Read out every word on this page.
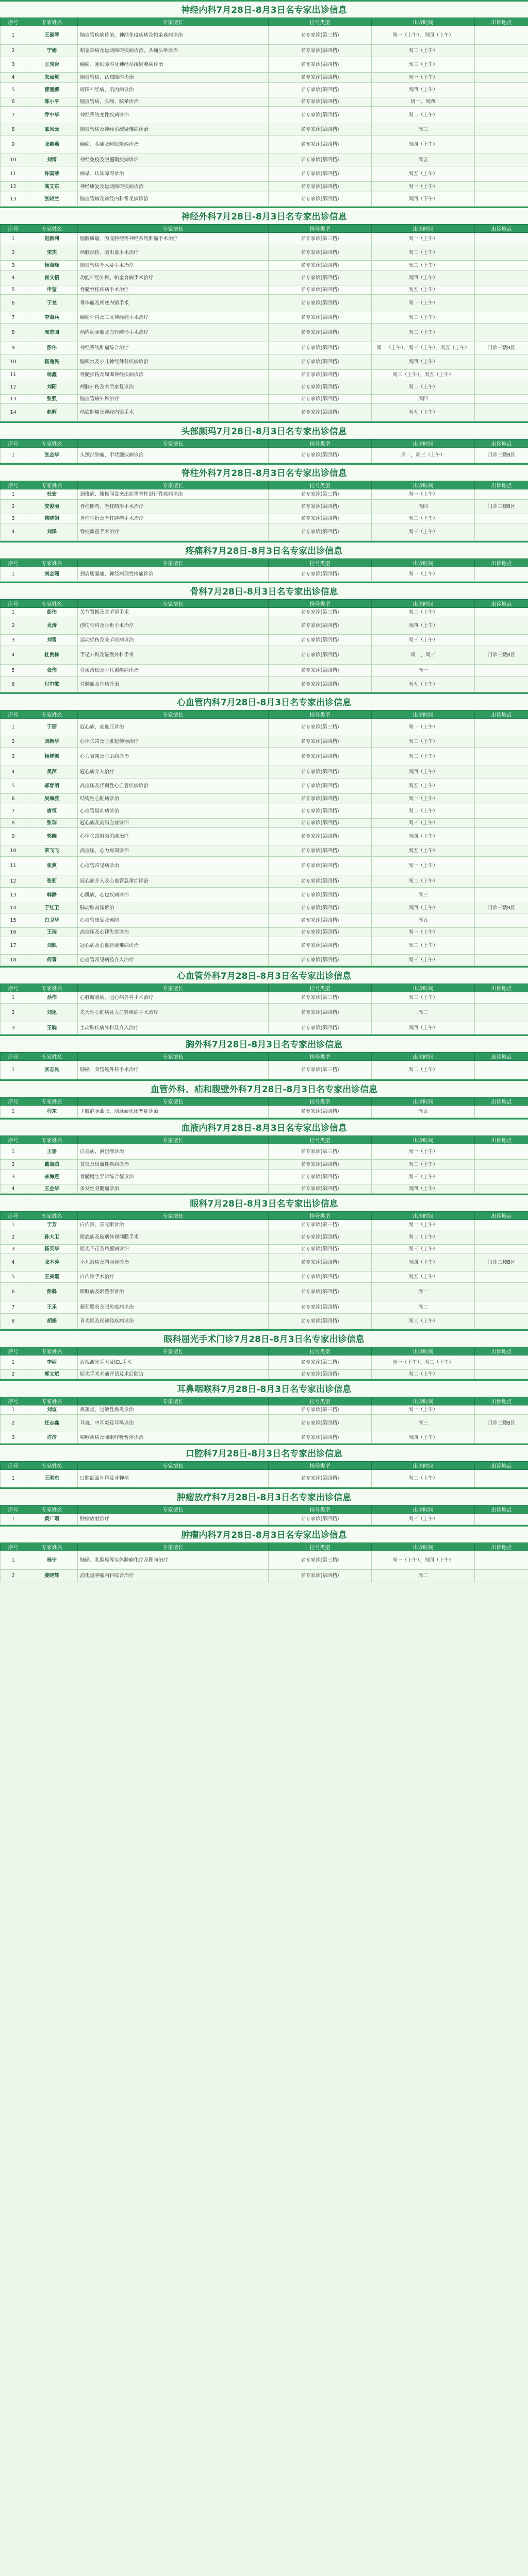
神经内科7月28日-8月3日名专家出诊信息
序号	专家姓名	专家擅长	挂号类型	出诊时间	出诊地点
1	王淑琴	脑血管疾病诊治，神经免疫疾病及帕金森病诊治	名专家诊(第三档)	周一（上午），周四（上午）	
2	宁娟	帕金森病及运动障碍疾病诊治，头痛头晕诊治	名专家诊(第四档)	周二（上午）	
3	王秀岩	癫痫、睡眠障碍及神经系统疑难病诊治	名专家诊(第四档)	周三（上午）	
4	朱丽筑	脑血管病、认知障碍诊治	名专家诊(第四档)	周一（上午）	
5	曹丽娜	周围神经病、肌肉病诊治	名专家诊(第四档)	周四（上午）	
6	陈小平	脑血管病、头痛、眩晕诊治	名专家诊(第四档)	周一、周四	
7	乔中华	神经系统变性疾病诊治	名专家诊(第四档)	周二（上午）	
8	邵凤云	脑血管病及神经系统疑难病诊治	名专家诊(第四档)	周三	
9	张惠燕	癫痫、头痛及睡眠障碍诊治	名专家诊(第四档)	周四（上午）	
10	刘博	神经免疫及脱髓鞘疾病诊治	名专家诊(第四档)	周五	
11	许国荣	痴呆、认知障碍诊治	名专家诊(第四档)	周五（上午）	
12	高艾东	神经康复及运动障碍疾病诊治	名专家诊(第四档)	周一（上午）	
13	张晓兰	脑血管病及神经内科常见病诊治	名专家诊(第四档)	周四（下午）	
神经外科7月28日-8月3日名专家出诊信息
序号	专家姓名	专家擅长	挂号类型	出诊时间	出诊地点
1	赵新利	脑胶质瘤、颅底肿瘤等神经系统肿瘤手术治疗	名专家诊(第三档)	周一（上午）	
2	宋杰	颅脑损伤、脑出血手术治疗	名专家诊(第四档)	周二（上午）	
3	杨海峰	脑血管病介入及手术治疗	名专家诊(第四档)	周三（上午）	
4	肖文韬	功能神经外科、帕金森病手术治疗	名专家诊(第四档)	周四（上午）	
5	申莹	脊髓脊柱疾病手术治疗	名专家诊(第四档)	周五（上午）	
6	于龙	垂体瘤及颅底内镜手术	名专家诊(第四档)	周一（上午）	
7	李海兵	癫痫外科及三叉神经痛手术治疗	名专家诊(第四档)	周二（上午）	
8	周志国	颅内动脉瘤及血管畸形手术治疗	名专家诊(第四档)	周三（上午）	
9	彭伟	神经系统肿瘤综合治疗	名专家诊(第四档)	周一（上午），周三（上午），周五（上午）	门诊三楼B区
10	杨逸民	脑积水及小儿神经外科疾病诊治	名专家诊(第四档)	周四（上午）	
11	杨鑫	脊髓损伤及周围神经疾病诊治	名专家诊(第四档)	周三（上午），周五（上午）	
12	刘阳	颅脑外伤及术后康复诊治	名专家诊(第四档)	周二（上午）	
13	张强	脑血管病外科治疗	名专家诊(第四档)	周四	
14	赵辉	颅底肿瘤及神经内镜手术	名专家诊(第四档)	周五（上午）	
头部颜玛7月28日-8月3日名专家出诊信息
序号	专家姓名	专家擅长	挂号类型	出诊时间	出诊地点
1	张金华	头颈部肿瘤、甲状腺疾病诊治	名专家诊(第四档)	周一，周三（上午）	门诊三楼B区
脊柱外科7月28日-8月3日名专家出诊信息
序号	专家姓名	专家擅长	挂号类型	出诊时间	出诊地点
1	杜宏	颈椎病、腰椎间盘突出症等脊柱退行性疾病诊治	名专家诊(第三档)	周一（上午）	
2	安俊丽	脊柱侧弯、脊柱畸形手术治疗	名专家诊(第四档)	周四	门诊三楼B区
3	韩晓娟	脊柱骨折及脊柱肿瘤手术治疗	名专家诊(第四档)	周二（上午）	
4	刘泽	脊柱微创手术治疗	名专家诊(第四档)	周三（上午）	
疼痛科7月28日-8月3日名专家出诊信息
序号	专家姓名	专家擅长	挂号类型	出诊时间	出诊地点
1	刘金珊	颈肩腰腿痛、神经病理性疼痛诊治	名专家诊(第四档)	周一（上午）	
骨科7月28日-8月3日名专家出诊信息
序号	专家姓名	专家擅长	挂号类型	出诊时间	出诊地点
1	彭伟	关节置换及关节镜手术	名专家诊(第三档)	周二（上午）	
2	龙涛	创伤骨科及骨折手术治疗	名专家诊(第四档)	周四（上午）	
3	刘雪	运动损伤及关节疾病诊治	名专家诊(第四档)	周三（上午）	
4	杜贵林	手足外科及显微外科手术	名专家诊(第四档)	周一，周三	门诊三楼B区
5	张伟	骨质疏松及骨代谢疾病诊治	名专家诊(第四档)	周一	
6	付巾敬	骨肿瘤及骨病诊治	名专家诊(第四档)	周五（上午）	
心血管内科7月28日-8月3日名专家出诊信息
序号	专家姓名	专家擅长	挂号类型	出诊时间	出诊地点
1	于丽	冠心病、高血压诊治	名专家诊(第三档)	周一（上午）	
2	刘新华	心律失常及心脏起搏器治疗	名专家诊(第四档)	周二（上午）	
3	杨婵娜	心力衰竭及心肌病诊治	名专家诊(第四档)	周三（上午）	
4	吴萍	冠心病介入治疗	名专家诊(第四档)	周四（上午）	
5	郝春朗	高血压及代谢性心血管疾病诊治	名专家诊(第四档)	周五（上午）	
6	吴海波	结构性心脏病诊治	名专家诊(第四档)	周一（上午）	
7	唐恒	心血管疑难病诊治	名专家诊(第四档)	周二（上午）	
8	张瑞	冠心病及高脂血症诊治	名专家诊(第四档)	周三（上午）	
9	郭晓	心律失常射频消融治疗	名专家诊(第四档)	周四（上午）	
10	常飞飞	高血压、心力衰竭诊治	名专家诊(第四档)	周五（上午）	
11	张爽	心血管常见病诊治	名专家诊(第四档)	周一（上午）	
12	张莉	冠心病介入及心血管急重症诊治	名专家诊(第四档)	周二（上午）	
13	韩静	心肌病、心包疾病诊治	名专家诊(第四档)	周三	
14	于红卫	肺动脉高压诊治	名专家诊(第四档)	周四（上午）	门诊三楼B区
15	白卫华	心血管康复及预防	名专家诊(第四档)	周五	
16	王瑞	高血压及心律失常诊治	名专家诊(第四档)	周一（上午）	
17	刘凯	冠心病及心血管疑难病诊治	名专家诊(第四档)	周二（上午）	
18	何青	心血管常见病及介入治疗	名专家诊(第四档)	周三（上午）	
心血管外科7月28日-8月3日名专家出诊信息
序号	专家姓名	专家擅长	挂号类型	出诊时间	出诊地点
1	孙伟	心脏瓣膜病、冠心病外科手术治疗	名专家诊(第三档)	周三（上午）	
2	刘旭	先天性心脏病及大血管疾病手术治疗	名专家诊(第四档)	周二	
3	王晓	主动脉疾病外科及介入治疗	名专家诊(第四档)	周四（上午）	
胸外科7月28日-8月3日名专家出诊信息
序号	专家姓名	专家擅长	挂号类型	出诊时间	出诊地点
1	张志民	肺癌、食管癌外科手术治疗	名专家诊(第三档)	周二（上午）	
血管外科、疝和腹壁外科7月28日-8月3日名专家出诊信息
序号	专家姓名	专家擅长	挂号类型	出诊时间	出诊地点
1	程东	下肢静脉曲张、动脉硬化闭塞症诊治	名专家诊(第四档)	周五	
血液内科7月28日-8月3日名专家出诊信息
序号	专家姓名	专家擅长	挂号类型	出诊时间	出诊地点
1	王珊	白血病、淋巴瘤诊治	名专家诊(第三档)	周一（上午）	
2	戴海鸥	贫血及出血性疾病诊治	名专家诊(第四档)	周二（上午）	
3	李海燕	骨髓增生异常综合征诊治	名专家诊(第四档)	周三（上午）	
4	王金华	多发性骨髓瘤诊治	名专家诊(第四档)	周四（上午）	
眼科7月28日-8月3日名专家出诊信息
序号	专家姓名	专家擅长	挂号类型	出诊时间	出诊地点
1	于芳	白内障、青光眼诊治	名专家诊(第三档)	周一（上午）	
2	孙大卫	眼底病及玻璃体视网膜手术	名专家诊(第四档)	周二（上午）	
3	杨英华	屈光不正及角膜病诊治	名专家诊(第四档)	周三（上午）	
4	张本涛	小儿眼病及斜弱视诊治	名专家诊(第四档)	周四（上午）	门诊三楼B区
5	王美霞	白内障手术治疗	名专家诊(第四档)	周五（上午）	
6	彭鹤	眼眶病及眼整形诊治	名专家诊(第四档)	周一	
7	王乐	葡萄膜炎及眼免疫病诊治	名专家诊(第四档)	周二	
8	胡娟	青光眼及视神经疾病诊治	名专家诊(第四档)	周三（上午）	
眼科屈光手术门诊7月28日-8月3日名专家出诊信息
序号	专家姓名	专家擅长	挂号类型	出诊时间	出诊地点
1	李丽	近视激光手术及ICL手术	名专家诊(第三档)	周一（上午），周三（上午）	
2	郭文斌	屈光手术术前评估及术后随访	名专家诊(第四档)	周二（上午）	
耳鼻咽喉科7月28日-8月3日名专家出诊信息
序号	专家姓名	专家擅长	挂号类型	出诊时间	出诊地点
1	刘谊	鼻窦炎、过敏性鼻炎诊治	名专家诊(第三档)	周一（上午）	
2	任志鑫	耳聋、中耳炎及耳鸣诊治	名专家诊(第四档)	周三	门诊三楼B区
3	许洁	咽喉疾病及睡眠呼吸暂停诊治	名专家诊(第四档)	周四（上午）	
口腔科7月28日-8月3日名专家出诊信息
序号	专家姓名	专家擅长	挂号类型	出诊时间	出诊地点
1	王刚东	口腔颌面外科及牙种植	名专家诊(第四档)	周二（上午）	
肿瘤放疗科7月28日-8月3日名专家出诊信息
序号	专家姓名	专家擅长	挂号类型	出诊时间	出诊地点
1	黄广瑞	肿瘤放射治疗	名专家诊(第四档)	周三（上午）	
肿瘤内科7月28日-8月3日名专家出诊信息
序号	专家姓名	专家擅长	挂号类型	出诊时间	出诊地点
1	杨宁	肺癌、乳腺癌等实体肿瘤化疗及靶向治疗	名专家诊(第三档)	周一（上午），周四（上午）	
2	姜晓辉	消化道肿瘤内科综合治疗	名专家诊(第四档)	周二	
